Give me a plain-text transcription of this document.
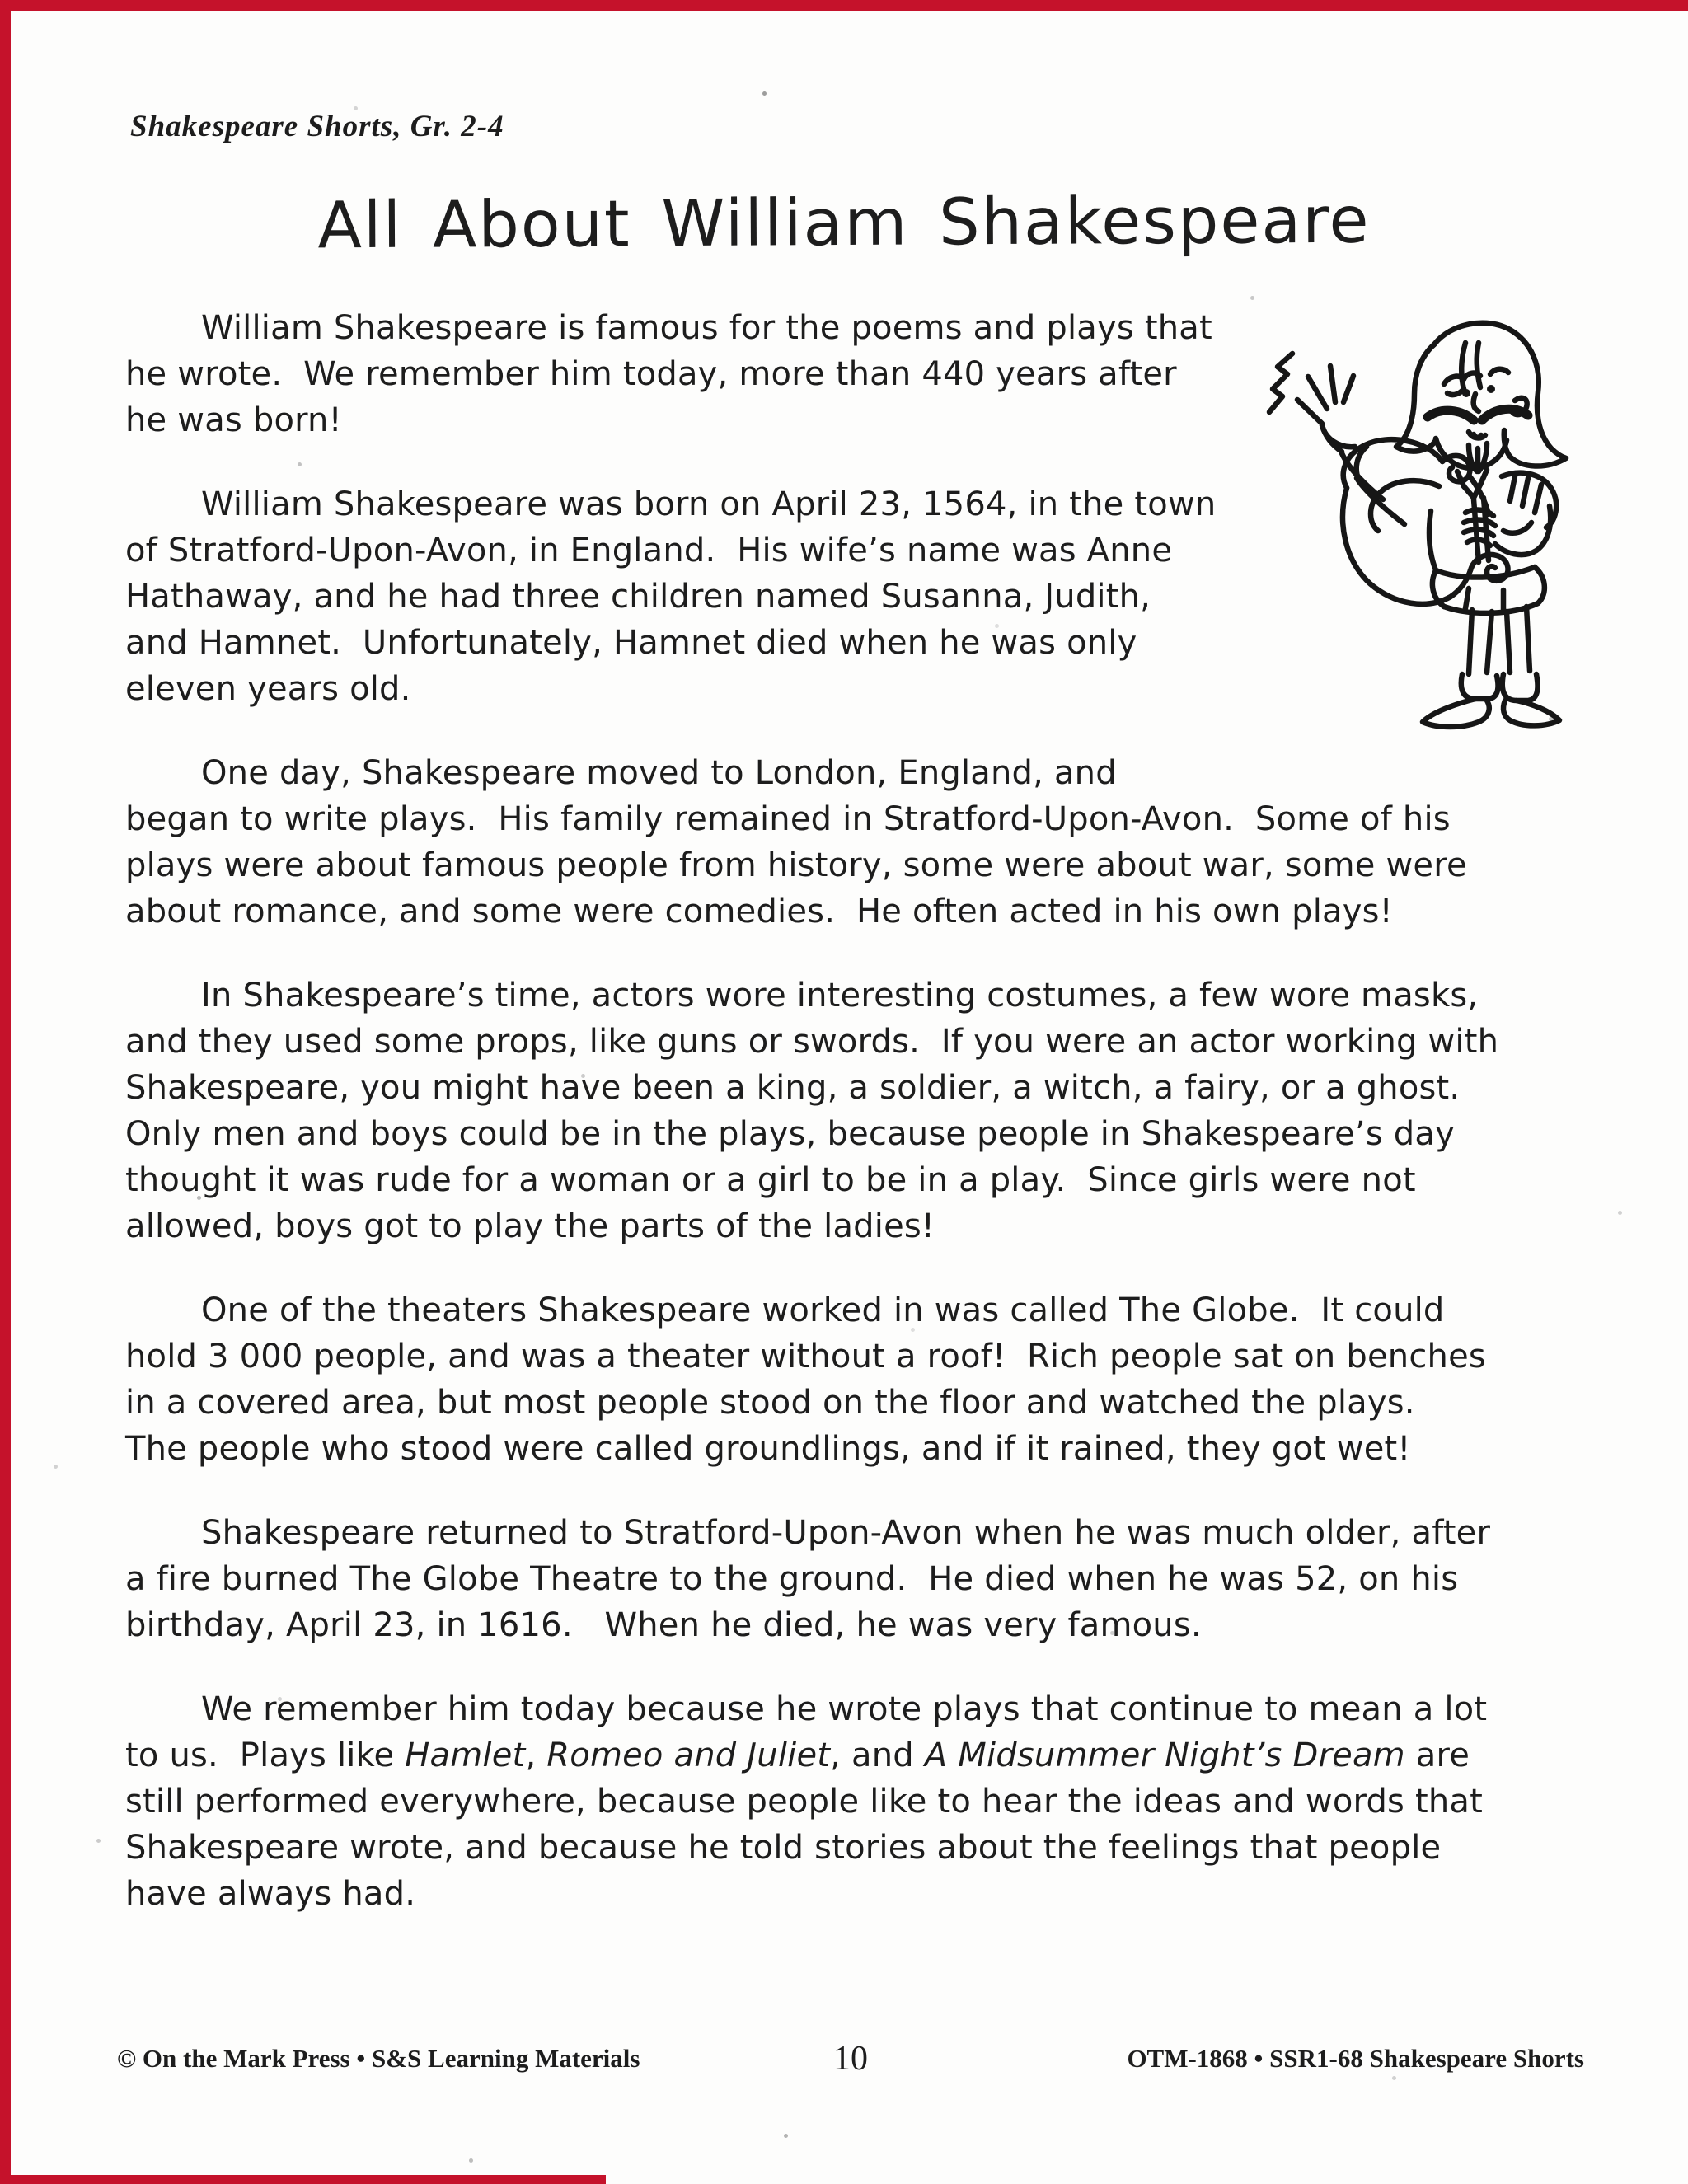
Shakespeare Shorts, Gr. 2-4
All About William Shakespeare
William Shakespeare is famous for the poems and plays that
he wrote.  We remember him today, more than 440 years after
he was born!
William Shakespeare was born on April 23, 1564, in the town
of Stratford-Upon-Avon, in England.  His wife’s name was Anne
Hathaway, and he had three children named Susanna, Judith,
and Hamnet.  Unfortunately, Hamnet died when he was only
eleven years old.
One day, Shakespeare moved to London, England, and
began to write plays.  His family remained in Stratford-Upon-Avon.  Some of his
plays were about famous people from history, some were about war, some were
about romance, and some were comedies.  He often acted in his own plays!
In Shakespeare’s time, actors wore interesting costumes, a few wore masks,
and they used some props, like guns or swords.  If you were an actor working with
Shakespeare, you might have been a king, a soldier, a witch, a fairy, or a ghost.
Only men and boys could be in the plays, because people in Shakespeare’s day
thought it was rude for a woman or a girl to be in a play.  Since girls were not
allowed, boys got to play the parts of the ladies!
One of the theaters Shakespeare worked in was called The Globe.  It could
hold 3 000 people, and was a theater without a roof!  Rich people sat on benches
in a covered area, but most people stood on the floor and watched the plays.
The people who stood were called groundlings, and if it rained, they got wet!
Shakespeare returned to Stratford-Upon-Avon when he was much older, after
a fire burned The Globe Theatre to the ground.  He died when he was 52, on his
birthday, April 23, in 1616.   When he died, he was very famous.
We remember him today because he wrote plays that continue to mean a lot
to us.  Plays like Hamlet, Romeo and Juliet, and A Midsummer Night’s Dream are
still performed everywhere, because people like to hear the ideas and words that
Shakespeare wrote, and because he told stories about the feelings that people
have always had.
© On the Mark Press • S&S Learning Materials	10	OTM-1868 • SSR1-68 Shakespeare Shorts
